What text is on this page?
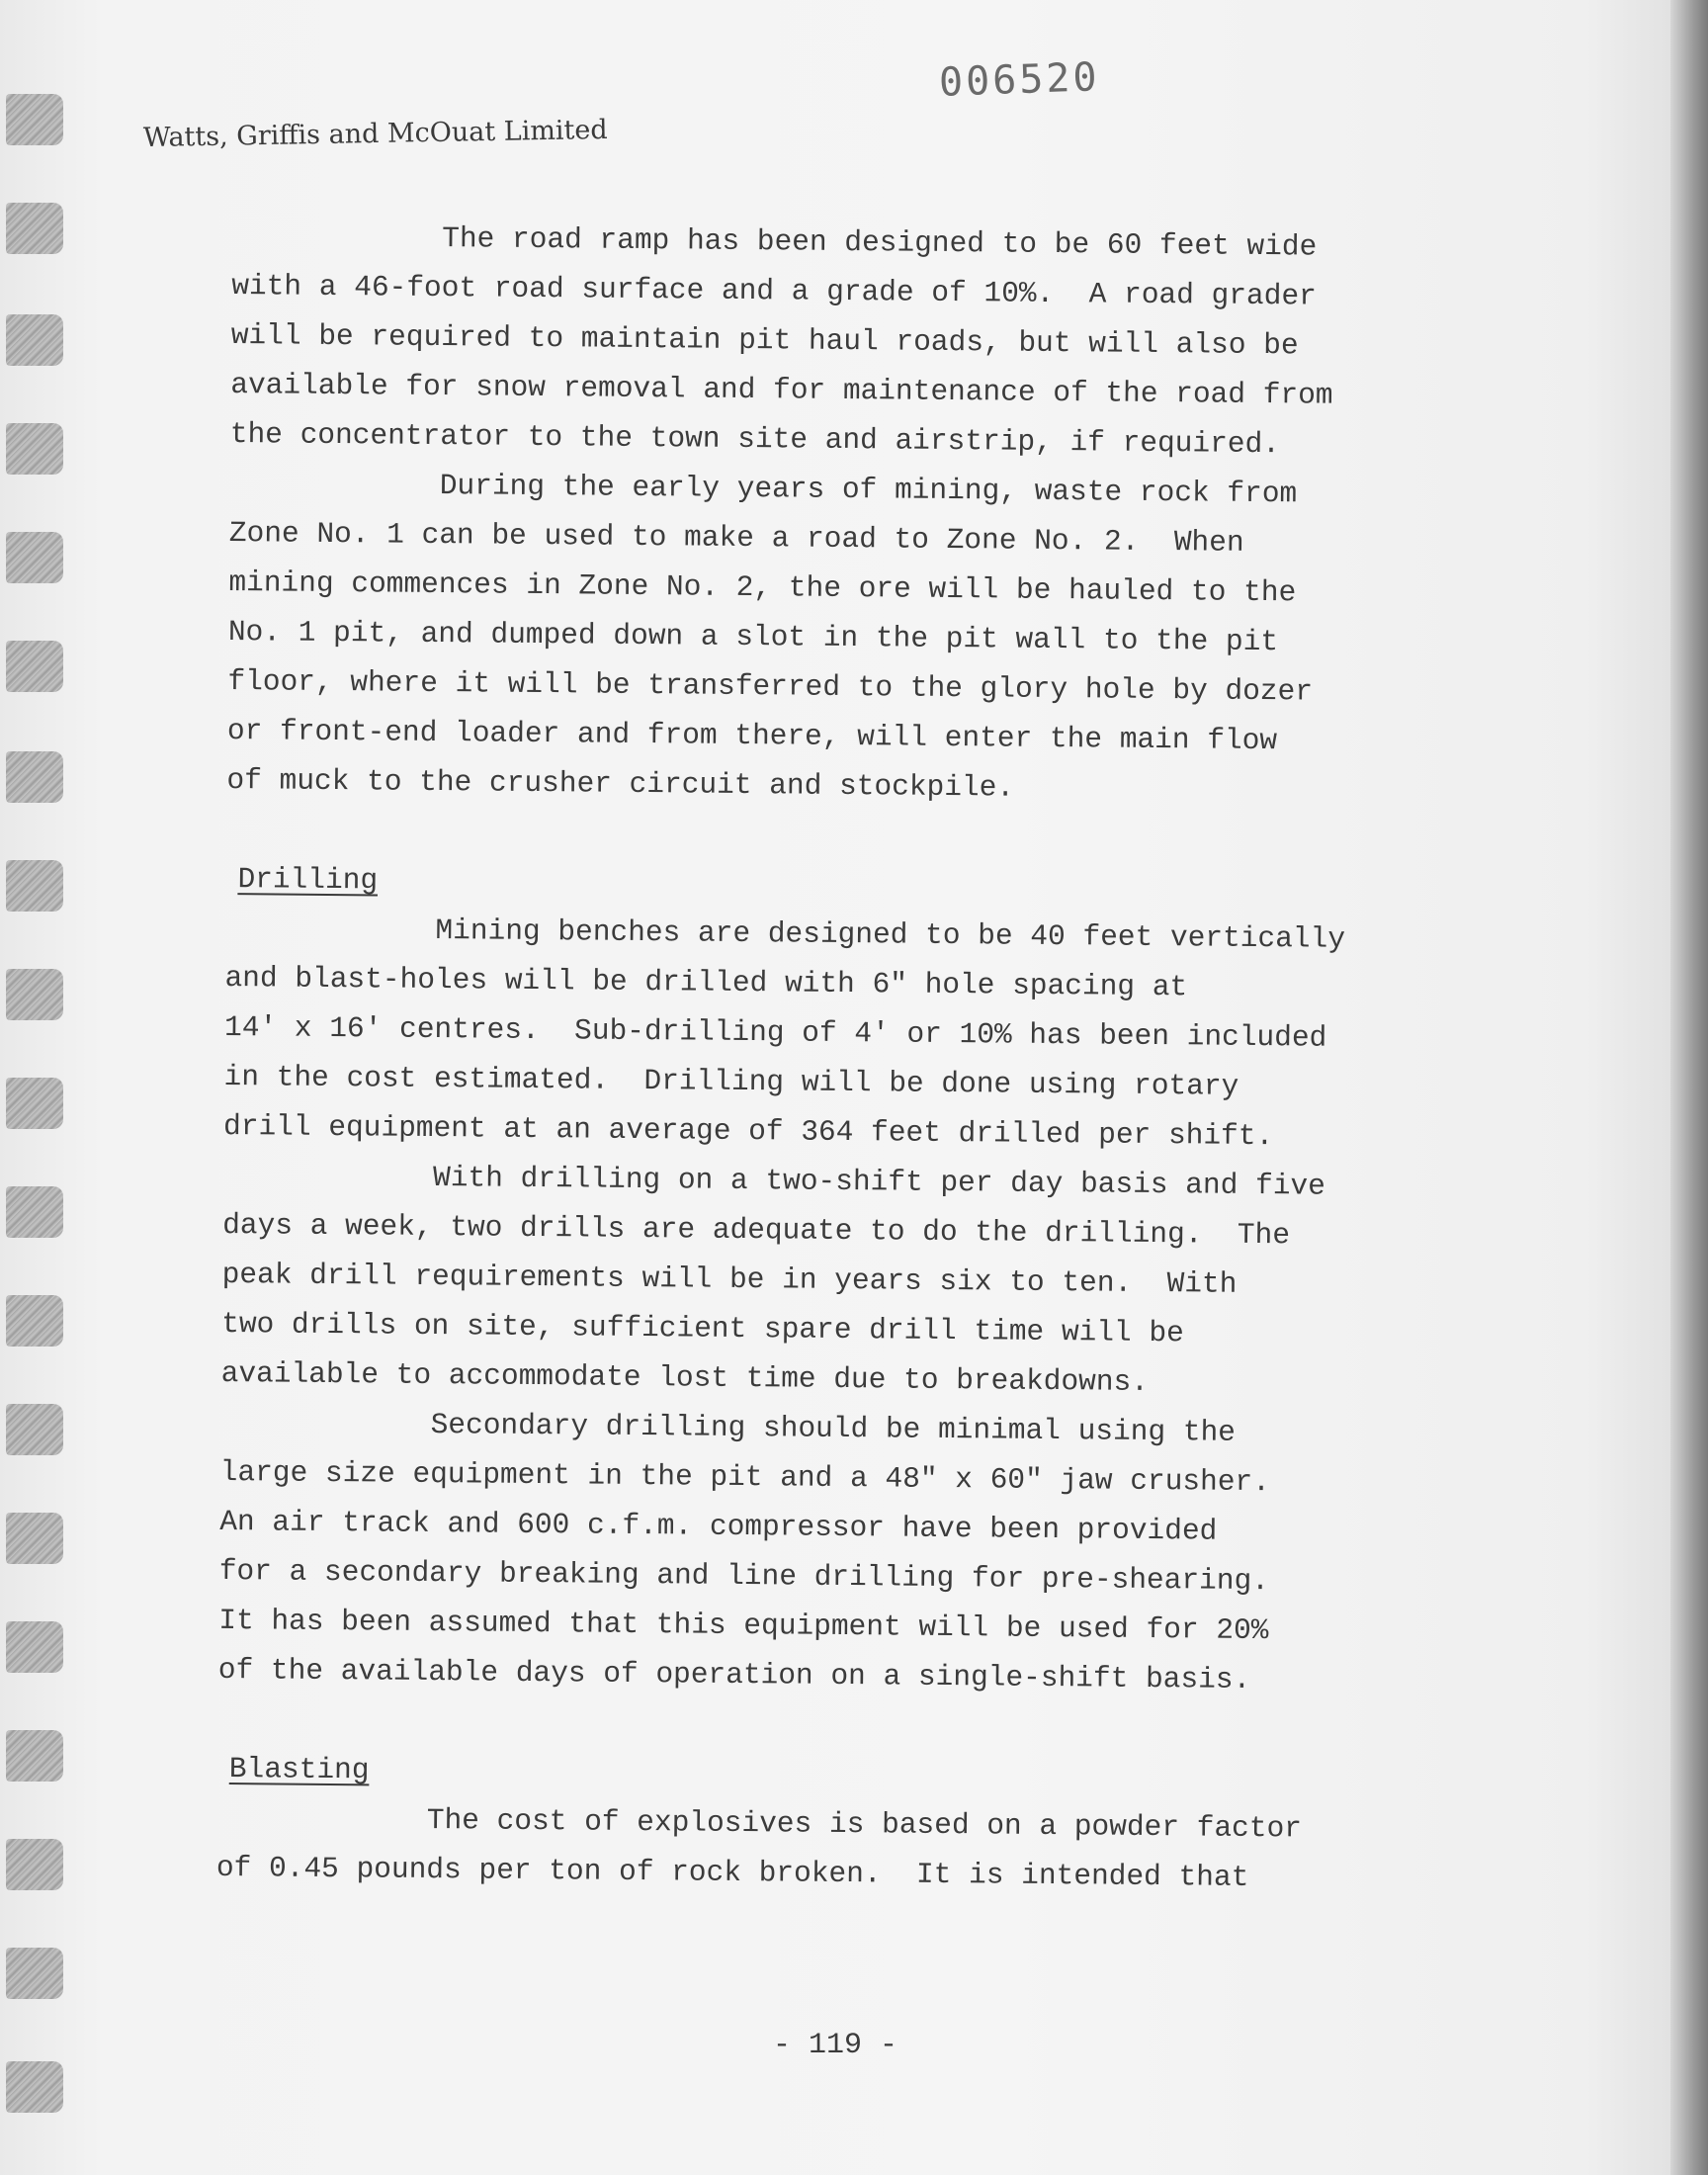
006520
Watts, Griffis and McOuat Limited

The road ramp has been designed to be 60 feet wide
with a 46-foot road surface and a grade of 10%.  A road grader
will be required to maintain pit haul roads, but will also be
available for snow removal and for maintenance of the road from
the concentrator to the town site and airstrip, if required.

During the early years of mining, waste rock from
Zone No. 1 can be used to make a road to Zone No. 2.  When
mining commences in Zone No. 2, the ore will be hauled to the
No. 1 pit, and dumped down a slot in the pit wall to the pit
floor, where it will be transferred to the glory hole by dozer
or front-end loader and from there, will enter the main flow
of muck to the crusher circuit and stockpile.

Drilling

Mining benches are designed to be 40 feet vertically
and blast-holes will be drilled with 6" hole spacing at
14' x 16' centres.  Sub-drilling of 4' or 10% has been included
in the cost estimated.  Drilling will be done using rotary
drill equipment at an average of 364 feet drilled per shift.

With drilling on a two-shift per day basis and five
days a week, two drills are adequate to do the drilling.  The
peak drill requirements will be in years six to ten.  With
two drills on site, sufficient spare drill time will be
available to accommodate lost time due to breakdowns.

Secondary drilling should be minimal using the
large size equipment in the pit and a 48" x 60" jaw crusher.
An air track and 600 c.f.m. compressor have been provided
for a secondary breaking and line drilling for pre-shearing.
It has been assumed that this equipment will be used for 20%
of the available days of operation on a single-shift basis.

Blasting

The cost of explosives is based on a powder factor
of 0.45 pounds per ton of rock broken.  It is intended that

- 119 -
